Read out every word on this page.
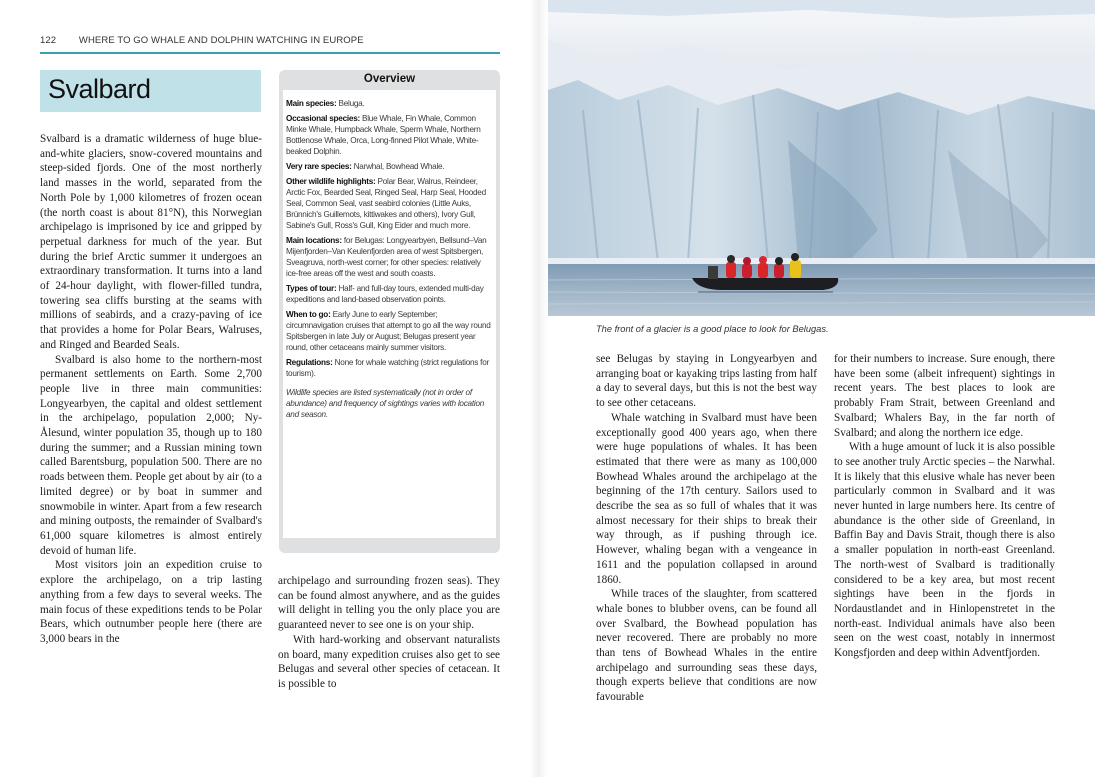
122 WHERE TO GO WHALE AND DOLPHIN WATCHING IN EUROPE
Svalbard	Overview

Main species: Beluga.

Occasional species: Blue Whale, Fin Whale, Common Minke Whale, Humpback Whale, Sperm Whale, Northern Bottlenose Whale, Orca, Long-finned Pilot Whale, White-beaked Dolphin.

Very rare species: Narwhal, Bowhead Whale.

Other wildlife highlights: Polar Bear, Walrus, Reindeer, Arctic Fox, Bearded Seal, Ringed Seal, Harp Seal, Hooded Seal, Common Seal, vast seabird colonies (Little Auks, Brünnich's Guillemots, kittiwakes and others), Ivory Gull, Sabine's Gull, Ross's Gull, King Eider and much more.

Main locations: for Belugas: Longyearbyen, Bellsund–Van Mijenfjorden–Van Keulenfjorden area of west Spitsbergen, Sveagruva, north-west corner; for other species: relatively ice-free areas off the west and south coasts.

Types of tour: Half- and full-day tours, extended multi-day expeditions and land-based observation points.

When to go: Early June to early September; circumnavigation cruises that attempt to go all the way round Spitsbergen in late July or August; Belugas present year round, other cetaceans mainly summer visitors.

Regulations: None for whale watching (strict regulations for tourism).

Wildlife species are listed systematically (not in order of abundance) and frequency of sightings varies with location and season.

Svalbard is a dramatic wilderness of huge blue-and-white glaciers, snow-covered mountains and steep-sided fjords. One of the most northerly land masses in the world, separated from the North Pole by 1,000 kilometres of frozen ocean (the north coast is about 81°N), this Norwegian archipelago is imprisoned by ice and gripped by perpetual darkness for much of the year. But during the brief Arctic summer it undergoes an extraordinary transformation. It turns into a land of 24-hour daylight, with flower-filled tundra, towering sea cliffs bursting at the seams with millions of seabirds, and a crazy-paving of ice that provides a home for Polar Bears, Walruses, and Ringed and Bearded Seals.

Svalbard is also home to the northern-most permanent settlements on Earth. Some 2,700 people live in three main communities: Longyearbyen, the capital and oldest settlement in the archipelago, population 2,000; Ny-Ålesund, winter population 35, though up to 180 during the summer; and a Russian mining town called Barentsburg, population 500. There are no roads between them. People get about by air (to a limited degree) or by boat in summer and snowmobile in winter. Apart from a few research and mining outposts, the remainder of Svalbard's 61,000 square kilometres is almost entirely devoid of human life.

Most visitors join an expedition cruise to explore the archipelago, on a trip lasting anything from a few days to several weeks. The main focus of these expeditions tends to be Polar Bears, which outnumber people here (there are 3,000 bears in the

archipelago and surrounding frozen seas). They can be found almost anywhere, and as the guides will delight in telling you the only place you are guaranteed never to see one is on your ship.

With hard-working and observant naturalists on board, many expedition cruises also get to see Belugas and several other species of cetacean. It is possible to

The front of a glacier is a good place to look for Belugas.

see Belugas by staying in Longyearbyen and arranging boat or kayaking trips lasting from half a day to several days, but this is not the best way to see other cetaceans.

Whale watching in Svalbard must have been exceptionally good 400 years ago, when there were huge populations of whales. It has been estimated that there were as many as 100,000 Bowhead Whales around the archipelago at the beginning of the 17th century. Sailors used to describe the sea as so full of whales that it was almost necessary for their ships to break their way through, as if pushing through ice. However, whaling began with a vengeance in 1611 and the population collapsed in around 1860.

While traces of the slaughter, from scattered whale bones to blubber ovens, can be found all over Svalbard, the Bowhead population has never recovered. There are probably no more than tens of Bowhead Whales in the entire archipelago and surrounding seas these days, though experts believe that conditions are now favourable

for their numbers to increase. Sure enough, there have been some (albeit infrequent) sightings in recent years. The best places to look are probably Fram Strait, between Greenland and Svalbard; Whalers Bay, in the far north of Svalbard; and along the northern ice edge.

With a huge amount of luck it is also possible to see another truly Arctic species – the Narwhal. It is likely that this elusive whale has never been particularly common in Svalbard and it was never hunted in large numbers here. Its centre of abundance is the other side of Greenland, in Baffin Bay and Davis Strait, though there is also a smaller population in north-east Greenland. The north-west of Svalbard is traditionally considered to be a key area, but most recent sightings have been in the fjords in Nordaustlandet and in Hinlopenstretet in the north-east. Individual animals have also been seen on the west coast, notably in innermost Kongsfjorden and deep within Adventfjorden.
